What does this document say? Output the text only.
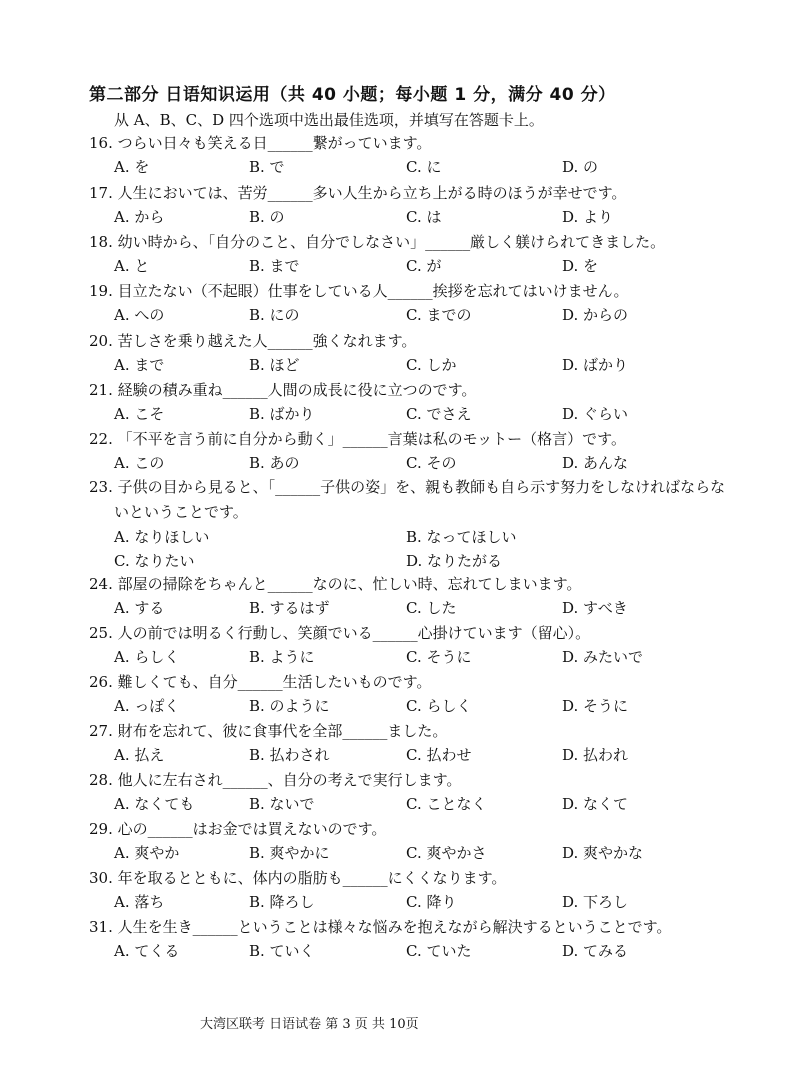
第二部分 日语知识运用（共 40 小题；每小题 1 分，满分 40 分）
从 A、B、C、D 四个选项中选出最佳选项，并填写在答题卡上。
16. つらい日々も笑える日______繋がっています。
A. を	B. で	C. に	D. の
17. 人生においては、苦労______多い人生から立ち上がる時のほうが幸せです。
A. から	B. の	C. は	D. より
18. 幼い時から、「自分のこと、自分でしなさい」______厳しく躾けられてきました。
A. と	B. まで	C. が	D. を
19. 目立たない（不起眼）仕事をしている人______挨拶を忘れてはいけません。
A. への	B. にの	C. までの	D. からの
20. 苦しさを乗り越えた人______強くなれます。
A. まで	B. ほど	C. しか	D. ばかり
21. 経験の積み重ね______人間の成長に役に立つのです。
A. こそ	B. ばかり	C. でさえ	D. ぐらい
22. 「不平を言う前に自分から動く」______言葉は私のモットー（格言）です。
A. この	B. あの	C. その	D. あんな
23. 子供の目から見ると、「______子供の姿」を、親も教師も自ら示す努力をしなければならないということです。
A. なりほしい	B. なってほしい
C. なりたい	D. なりたがる
24. 部屋の掃除をちゃんと______なのに、忙しい時、忘れてしまいます。
A. する	B. するはず	C. した	D. すべき
25. 人の前では明るく行動し、笑顔でいる______心掛けています（留心）。
A. らしく	B. ように	C. そうに	D. みたいで
26. 難しくても、自分______生活したいものです。
A. っぽく	B. のように	C. らしく	D. そうに
27. 財布を忘れて、彼に食事代を全部______ました。
A. 払え	B. 払わされ	C. 払わせ	D. 払われ
28. 他人に左右され______、自分の考えで実行します。
A. なくても	B. ないで	C. ことなく	D. なくて
29. 心の______はお金では買えないのです。
A. 爽やか	B. 爽やかに	C. 爽やかさ	D. 爽やかな
30. 年を取るとともに、体内の脂肪も______にくくなります。
A. 落ち	B. 降ろし	C. 降り	D. 下ろし
31. 人生を生き______ということは様々な悩みを抱えながら解決するということです。
A. てくる	B. ていく	C. ていた	D. てみる
大湾区联考 日语试卷 第 3 页 共 10页
